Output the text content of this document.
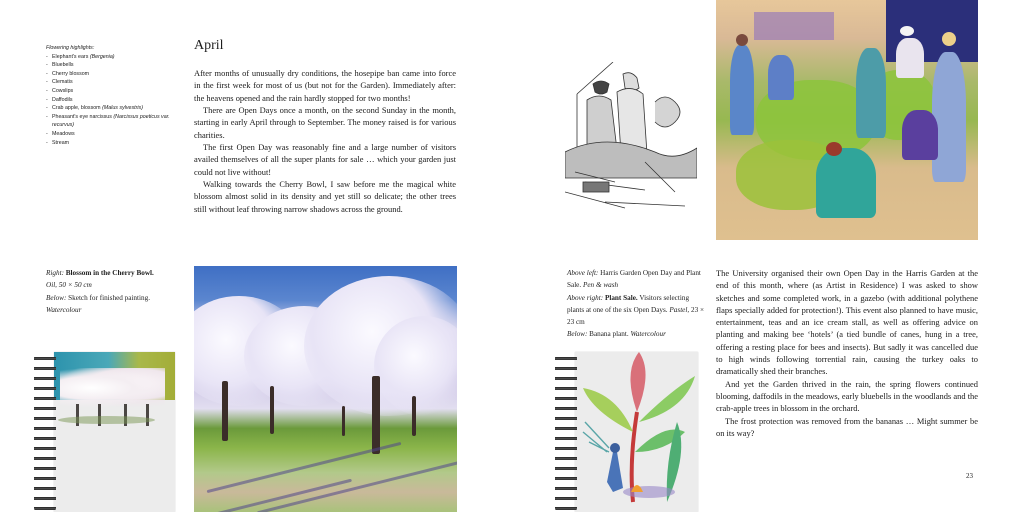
Flowering highlights:
- Elephant's ears (Bergenia)
- Bluebells
- Cherry blossom
- Clematis
- Cowslips
- Daffodils
- Crab apple, blossom (Malus sylvestris)
- Pheasant's eye narcissus (Narcissus poeticus var. recurvus)
- Meadows
- Stream
April

After months of unusually dry conditions, the hosepipe ban came into force in the first week for most of us (but not for the Garden). Immediately after: the heavens opened and the rain hardly stopped for two months!

There are Open Days once a month, on the second Sunday in the month, starting in early April through to September. The money raised is for various charities.

The first Open Day was reasonably fine and a large number of visitors availed themselves of all the super plants for sale … which your garden just could not live without!

Walking towards the Cherry Bowl, I saw before me the magical white blossom almost solid in its density and yet still so delicate; the other trees still without leaf throwing narrow shadows across the ground.

Right: Blossom in the Cherry Bowl.
Oil, 50 × 50 cm
Below: Sketch for finished painting.
Watercolour
Above left: Harris Garden Open Day and Plant Sale. Pen & wash
Above right: Plant Sale. Visitors selecting plants at one of the six Open Days. Pastel, 23 × 23 cm
Below: Banana plant. Watercolour

The University organised their own Open Day in the Harris Garden at the end of this month, where (as Artist in Residence) I was asked to show sketches and some completed work, in a gazebo (with additional polythene flaps specially added for protection!). This event also planned to have music, entertainment, teas and an ice cream stall, as well as offering advice on planting and making bee ‘hotels’ (a tied bundle of canes, hung in a tree, offering a resting place for bees and insects). But sadly it was cancelled due to high winds following torrential rain, causing the turkey oaks to dramatically shed their branches.

And yet the Garden thrived in the rain, the spring flowers continued blooming, daffodils in the meadows, early bluebells in the woodlands and the crab-apple trees in blossom in the orchard.

The frost protection was removed from the bananas … Might summer be on its way?

23
